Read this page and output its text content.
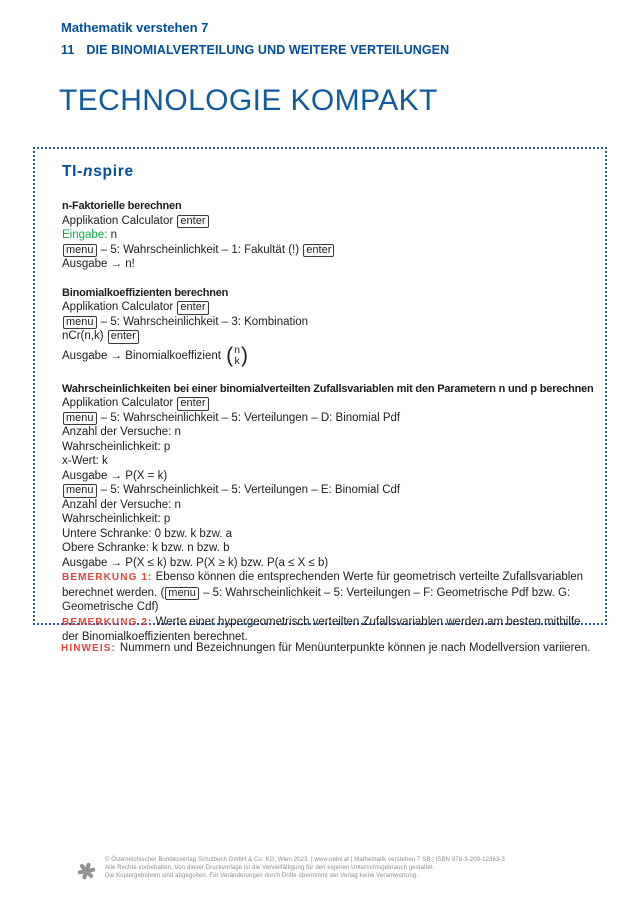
Mathematik verstehen 7
11 DIE BINOMIALVERTEILUNG UND WEITERE VERTEILUNGEN
TECHNOLOGIE KOMPAKT
TI-nspire
n-Faktorielle berechnen
Applikation Calculator enter
Eingabe: n
menu – 5: Wahrscheinlichkeit – 1: Fakultät (!) enter
Ausgabe → n!
Binomialkoeffizienten berechnen
Applikation Calculator enter
menu – 5: Wahrscheinlichkeit – 3: Kombination
nCr(n,k) enter
Ausgabe → Binomialkoeffizient ( n
k )
Wahrscheinlichkeiten bei einer binomialverteilten Zufallsvariablen mit den Parametern n und p berechnen
Applikation Calculator enter
menu – 5: Wahrscheinlichkeit – 5: Verteilungen – D: Binomial Pdf
Anzahl der Versuche: n
Wahrscheinlichkeit: p
x-Wert: k
Ausgabe → P(X = k)
menu – 5: Wahrscheinlichkeit – 5: Verteilungen – E: Binomial Cdf
Anzahl der Versuche: n
Wahrscheinlichkeit: p
Untere Schranke: 0 bzw. k bzw. a
Obere Schranke: k bzw. n bzw. b
Ausgabe → P(X ≤ k) bzw. P(X ≥ k) bzw. P(a ≤ X ≤ b)
BEMERKUNG 1: Ebenso können die entsprechenden Werte für geometrisch verteilte Zufallsvariablen berechnet werden. ( menu – 5: Wahrscheinlichkeit – 5: Verteilungen – F: Geometrische Pdf bzw. G: Geometrische Cdf)
BEMERKUNG 2: Werte einer hypergeometrisch verteilten Zufallsvariablen werden am besten mithilfe der Binomialkoeffizienten berechnet.
HINWEIS: Nummern und Bezeichnungen für Menüunterpunkte können je nach Modellversion variieren.
© Österreichischer Bundesverlag Schulbuch GmbH & Co. KG, Wien 2023. | www.oebv.at | Mathematik verstehen 7 SB | ISBN 978-3-209-12363-3
Alle Rechte vorbehalten. Von dieser Druckvorlage ist die Vervielfältigung für den eigenen Unterrichtsgebrauch gestattet.
Die Kopiergebühren sind abgegolten. Für Veränderungen durch Dritte übernimmt der Verlag keine Verantwortung.
